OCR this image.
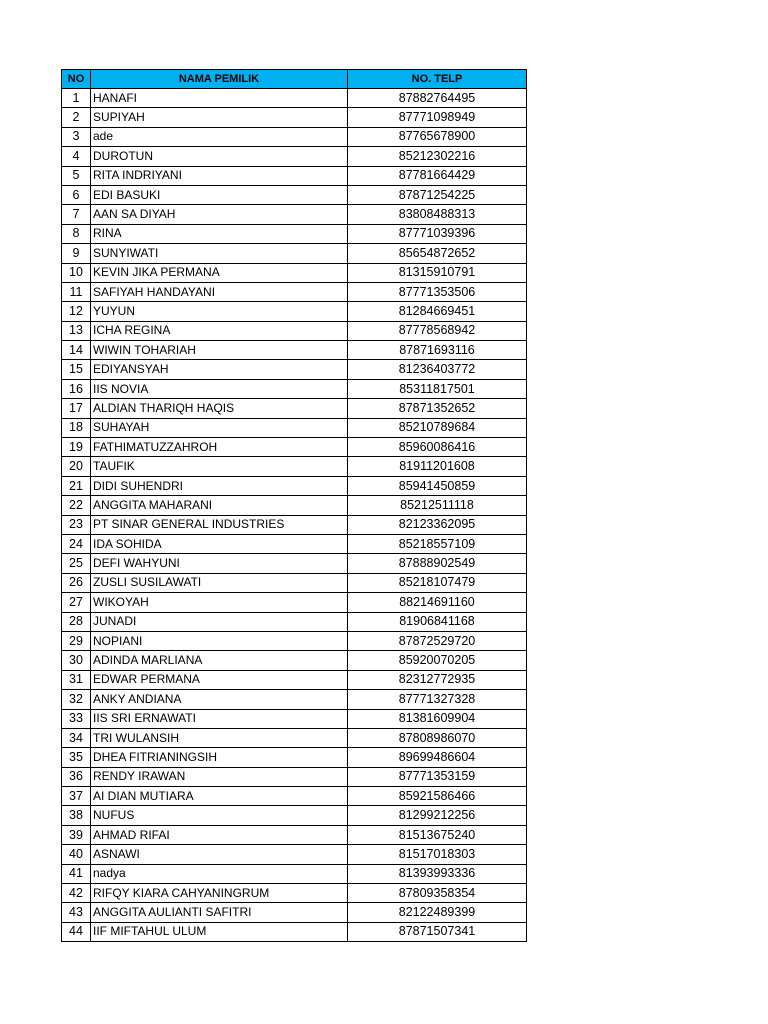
NO	NAMA PEMILIK	NO. TELP
1	HANAFI	87882764495
2	SUPIYAH	87771098949
3	ade	87765678900
4	DUROTUN	85212302216
5	RITA INDRIYANI	87781664429
6	EDI BASUKI	87871254225
7	AAN SA DIYAH	83808488313
8	RINA	87771039396
9	SUNYIWATI	85654872652
10	KEVIN JIKA PERMANA	81315910791
11	SAFIYAH HANDAYANI	87771353506
12	YUYUN	81284669451
13	ICHA REGINA	87778568942
14	WIWIN TOHARIAH	87871693116
15	EDIYANSYAH	81236403772
16	IIS NOVIA	85311817501
17	ALDIAN THARIQH HAQIS	87871352652
18	SUHAYAH	85210789684
19	FATHIMATUZZAHROH	85960086416
20	TAUFIK	81911201608
21	DIDI SUHENDRI	85941450859
22	ANGGITA MAHARANI	85212511118
23	PT SINAR GENERAL INDUSTRIES	82123362095
24	IDA SOHIDA	85218557109
25	DEFI WAHYUNI	87888902549
26	ZUSLI SUSILAWATI	85218107479
27	WIKOYAH	88214691160
28	JUNADI	81906841168
29	NOPIANI	87872529720
30	ADINDA MARLIANA	85920070205
31	EDWAR PERMANA	82312772935
32	ANKY ANDIANA	87771327328
33	IIS SRI ERNAWATI	81381609904
34	TRI WULANSIH	87808986070
35	DHEA FITRIANINGSIH	89699486604
36	RENDY IRAWAN	87771353159
37	AI DIAN MUTIARA	85921586466
38	NUFUS	81299212256
39	AHMAD RIFAI	81513675240
40	ASNAWI	81517018303
41	nadya	81393993336
42	RIFQY KIARA CAHYANINGRUM	87809358354
43	ANGGITA AULIANTI SAFITRI	82122489399
44	IIF MIFTAHUL ULUM	87871507341
